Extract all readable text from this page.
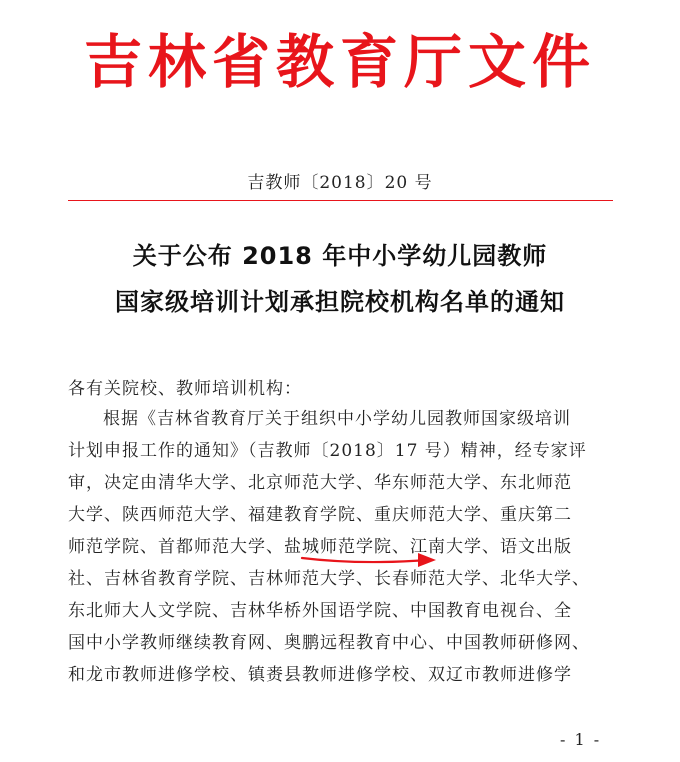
吉林省教育厅文件
吉教师〔2018〕20 号
关于公布 2018 年中小学幼儿园教师
国家级培训计划承担院校机构名单的通知
各有关院校、教师培训机构：
根据《吉林省教育厅关于组织中小学幼儿园教师国家级培训
计划申报工作的通知》（吉教师〔2018〕17 号）精神，经专家评
审，决定由清华大学、北京师范大学、华东师范大学、东北师范
大学、陕西师范大学、福建教育学院、重庆师范大学、重庆第二
师范学院、首都师范大学、盐城师范学院、江南大学、语文出版
社、吉林省教育学院、吉林师范大学、长春师范大学、北华大学、
东北师大人文学院、吉林华桥外国语学院、中国教育电视台、全
国中小学教师继续教育网、奥鹏远程教育中心、中国教师研修网、
和龙市教师进修学校、镇赉县教师进修学校、双辽市教师进修学
- 1 -
